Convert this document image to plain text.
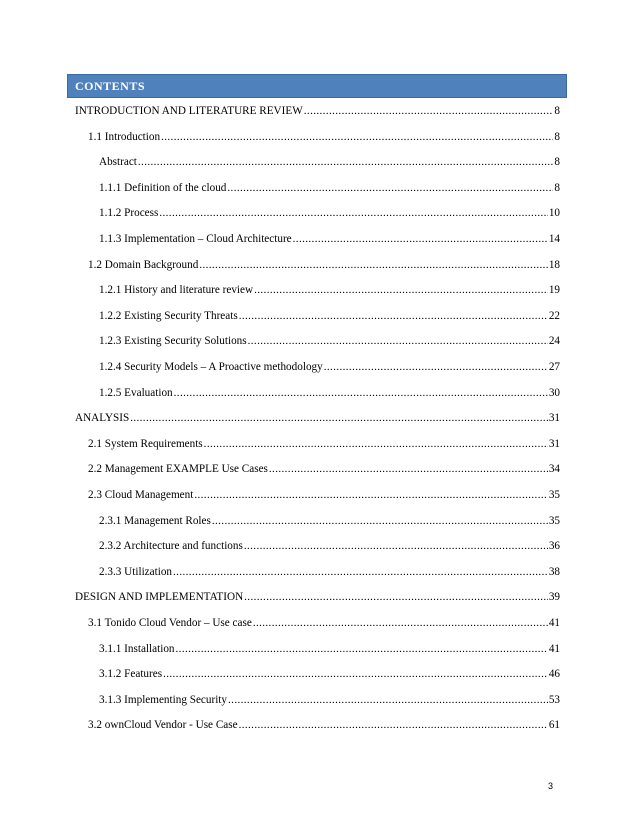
CONTENTS
INTRODUCTION AND LITERATURE REVIEW .....	8
1.1 Introduction .....	8
Abstract .....	8
1.1.1 Definition of the cloud .....	8
1.1.2 Process .....	10
1.1.3 Implementation – Cloud Architecture .....	14
1.2 Domain Background .....	18
1.2.1 History and literature review .....	19
1.2.2 Existing Security Threats .....	22
1.2.3 Existing Security Solutions .....	24
1.2.4 Security Models – A Proactive methodology .....	27
1.2.5 Evaluation .....	30
ANALYSIS .....	31
2.1 System Requirements .....	31
2.2 Management EXAMPLE Use Cases .....	34
2.3 Cloud Management .....	35
2.3.1 Management Roles .....	35
2.3.2 Architecture and functions .....	36
2.3.3 Utilization .....	38
DESIGN AND IMPLEMENTATION .....	39
3.1 Tonido Cloud Vendor – Use case .....	41
3.1.1 Installation .....	41
3.1.2 Features .....	46
3.1.3 Implementing Security .....	53
3.2 ownCloud Vendor - Use Case .....	61
3
